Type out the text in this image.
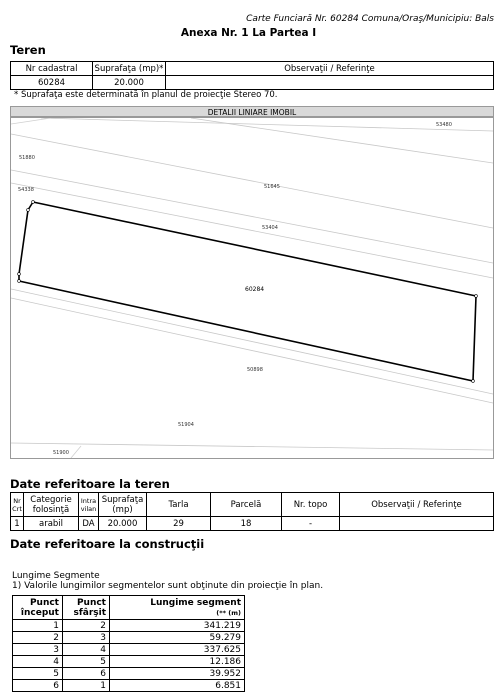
Carte Funciară Nr. 60284 Comuna/Oraş/Municipiu: Bals
Anexa Nr. 1 La Partea I
Teren
Nr cadastral	Suprafaţa (mp)*	Observaţii / Referinţe
60284	20.000	
* Suprafaţa este determinată în planul de proiecţie Stereo 70.
DETALII LINIARE IMOBIL
53480
51880
54338	51645
53404
60284
50898
51904
51900
Date referitoare la teren
Nr Crt	Categorie folosinţă	Intra vilan	Suprafaţa (mp)	Tarla	Parcelă	Nr. topo	Observaţii / Referinţe
1	arabil	DA	20.000	29	18	-	
Date referitoare la construcţii
Lungime Segmente
1) Valorile lungimilor segmentelor sunt obţinute din proiecţie în plan.
Punct început	Punct sfârşit	Lungime segment
(** (m)

1	2	341.219
2	3	59.279
3	4	337.625
4	5	12.186
5	6	39.952
6	1	6.851
